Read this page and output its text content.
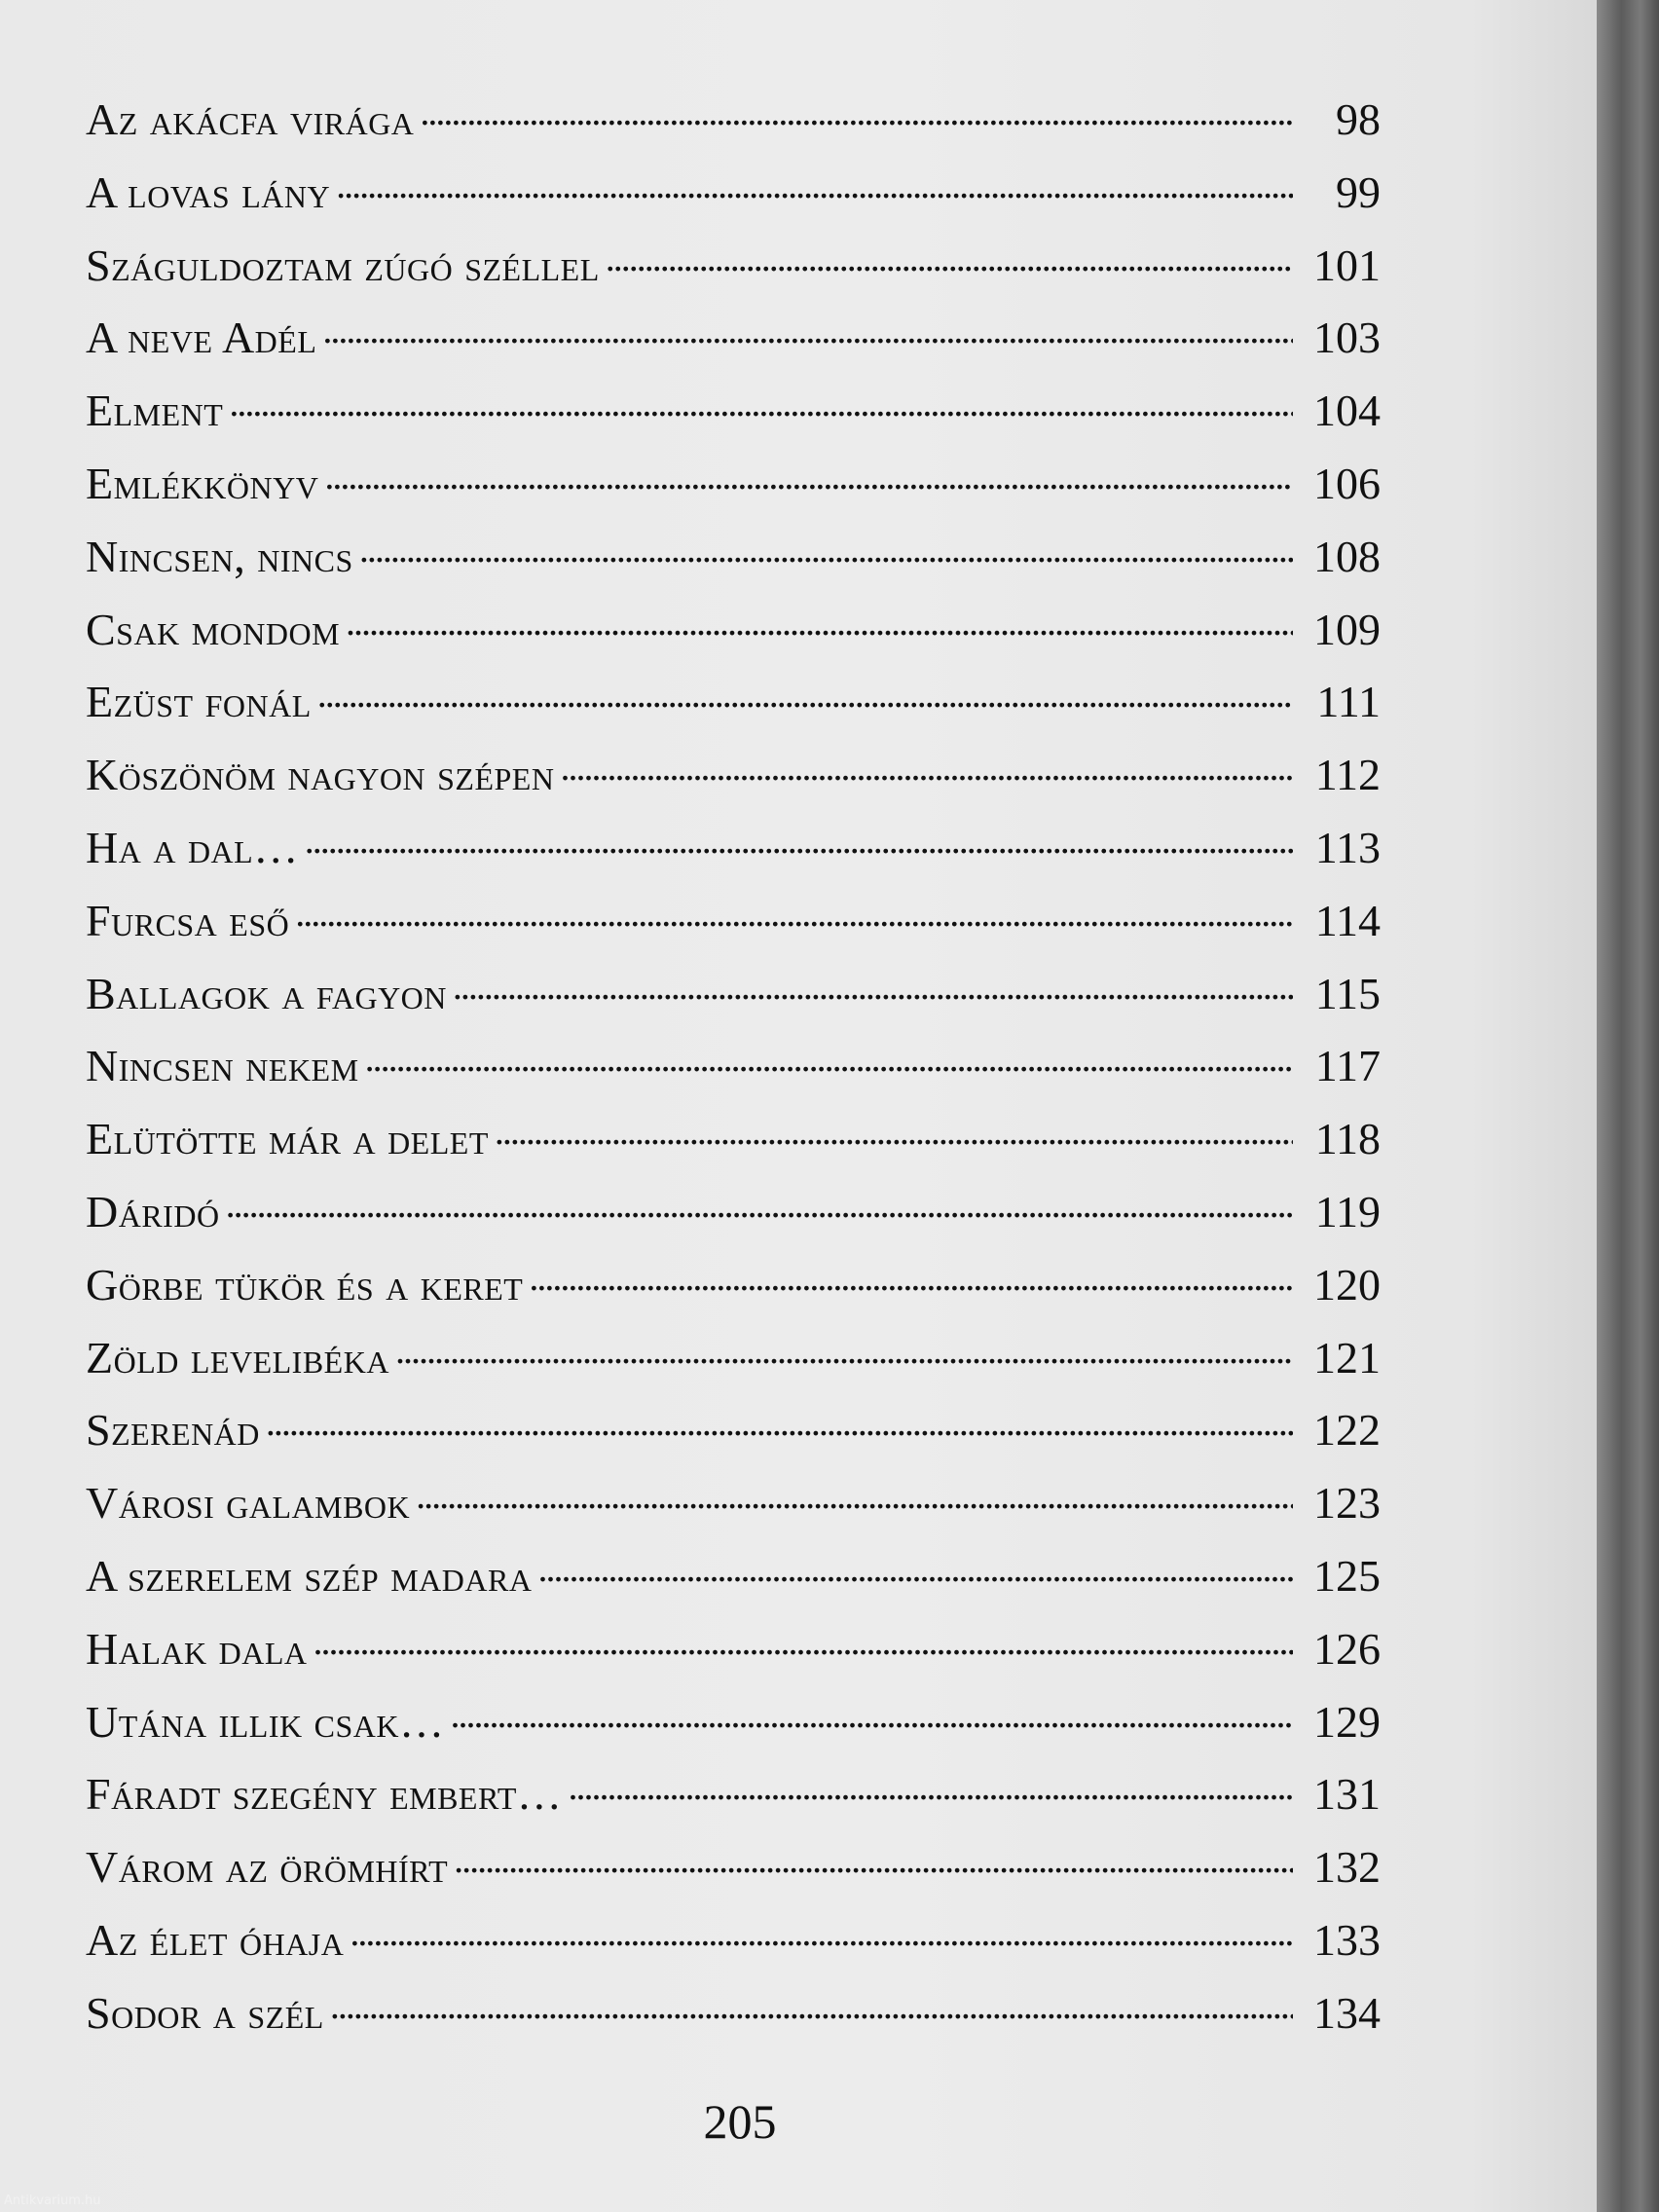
Az akácfa virága . . .	98
A lovas lány . . .	99
Száguldoztam zúgó széllel . . .	101
A neve Adél . . .	103
Elment . . .	104
Emlékkönyv . . .	106
Nincsen, nincs . . .	108
Csak mondom . . .	109
Ezüst fonál . . .	111
Köszönöm nagyon szépen . . .	112
Ha a dal… . . .	113
Furcsa eső . . .	114
Ballagok a fagyon . . .	115
Nincsen nekem . . .	117
Elütötte már a delet . . .	118
Dáridó . . .	119
Görbe tükör és a keret . . .	120
Zöld levelibéka . . .	121
Szerenád . . .	122
Városi galambok . . .	123
A szerelem szép madara . . .	125
Halak dala . . .	126
Utána illik csak… . . .	129
Fáradt szegény embert… . . .	131
Várom az örömhírt . . .	132
Az élet óhaja . . .	133
Sodor a szél . . .	134
205
Antikvarium.hu
